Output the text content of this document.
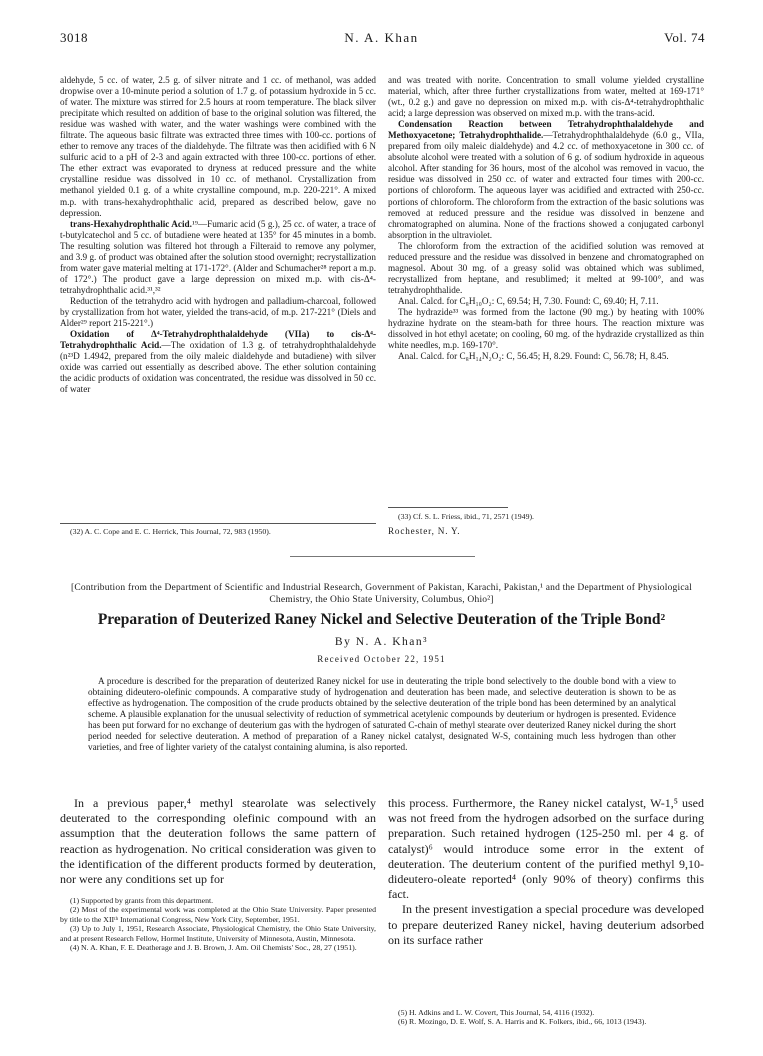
3018	N. A. Khan	Vol. 74

aldehyde, 5 cc. of water, 2.5 g. of silver nitrate and 1 cc. of methanol, was added dropwise over a 10-minute period a solution of 1.7 g. of potassium hydroxide in 5 cc. of water. The mixture was stirred for 2.5 hours at room temperature. The black silver precipitate which resulted on addition of base to the original solution was filtered, the residue was washed with water, and the water washings were combined with the filtrate. The aqueous basic filtrate was extracted three times with 100-cc. portions of ether to remove any traces of the dialdehyde. The filtrate was then acidified with 6 N sulfuric acid to a pH of 2-3 and again extracted with three 100-cc. portions of ether. The ether extract was evaporated to dryness at reduced pressure and the white crystalline residue was dissolved in 10 cc. of methanol. Crystallization from methanol yielded 0.1 g. of a white crystalline compound, m.p. 220-221°. A mixed m.p. with trans-hexahydrophthalic acid, prepared as described below, gave no depression.

trans-Hexahydrophthalic Acid.¹⁹—Fumaric acid (5 g.), 25 cc. of water, a trace of t-butylcatechol and 5 cc. of butadiene were heated at 135° for 45 minutes in a bomb. The resulting solution was filtered hot through a Filteraid to remove any polymer, and 3.9 g. of product was obtained after the solution stood overnight; recrystallization from water gave material melting at 171-172°. (Alder and Schumacher²⁸ report a m.p. of 172°.) The product gave a large depression on mixed m.p. with cis-Δ⁴-tetrahydrophthalic acid.³¹,³²

Reduction of the tetrahydro acid with hydrogen and palladium-charcoal, followed by crystallization from hot water, yielded the trans-acid, of m.p. 217-221° (Diels and Alder²⁹ report 215-221°.)

Oxidation of Δ⁴-Tetrahydrophthalaldehyde (VIIa) to cis-Δ⁴-Tetrahydrophthalic Acid.—The oxidation of 1.3 g. of tetrahydrophthalaldehyde (n²³D 1.4942, prepared from the oily maleic dialdehyde and butadiene) with silver oxide was carried out essentially as described above. The ether solution containing the acidic products of oxidation was concentrated, the residue was dissolved in 50 cc. of water

(32) A. C. Cope and E. C. Herrick, This Journal, 72, 983 (1950).

and was treated with norite. Concentration to small volume yielded crystalline material, which, after three further crystallizations from water, melted at 169-171° (wt., 0.2 g.) and gave no depression on mixed m.p. with cis-Δ⁴-tetrahydrophthalic acid; a large depression was observed on mixed m.p. with the trans-acid.

Condensation Reaction between Tetrahydrophthalaldehyde and Methoxyacetone; Tetrahydrophthalide.—Tetrahydrophthalaldehyde (6.0 g., VIIa, prepared from oily maleic dialdehyde) and 4.2 cc. of methoxyacetone in 300 cc. of absolute alcohol were treated with a solution of 6 g. of sodium hydroxide in aqueous alcohol. After standing for 36 hours, most of the alcohol was removed in vacuo, the residue was dissolved in 250 cc. of water and extracted four times with 200-cc. portions of chloroform. The aqueous layer was acidified and extracted with 250-cc. portions of chloroform. The chloroform from the extraction of the basic solutions was removed at reduced pressure and the residue was dissolved in benzene and chromatographed on alumina. None of the fractions showed a conjugated carbonyl absorption in the ultraviolet.

The chloroform from the extraction of the acidified solution was removed at reduced pressure and the residue was dissolved in benzene and chromatographed on magnesol. About 30 mg. of a greasy solid was obtained which was sublimed, recrystallized from heptane, and resublimed; it melted at 99-100°, and was tetrahydrophthalide.

Anal. Calcd. for C₈H₁₀O₂: C, 69.54; H, 7.30. Found: C, 69.40; H, 7.11.

The hydrazide³³ was formed from the lactone (90 mg.) by heating with 100% hydrazine hydrate on the steam-bath for three hours. The reaction mixture was dissolved in hot ethyl acetate; on cooling, 60 mg. of the hydrazide crystallized as thin white needles, m.p. 169-170°.

Anal. Calcd. for C₈H₁₄N₂O₂: C, 56.45; H, 8.29. Found: C, 56.78; H, 8.45.

(33) Cf. S. L. Friess, ibid., 71, 2571 (1949).

Rochester, N. Y.

[Contribution from the Department of Scientific and Industrial Research, Government of Pakistan, Karachi, Pakistan,¹ and the Department of Physiological Chemistry, the Ohio State University, Columbus, Ohio²]
Preparation of Deuterized Raney Nickel and Selective Deuteration of the Triple Bond²
By N. A. Khan³
Received October 22, 1951
A procedure is described for the preparation of deuterized Raney nickel for use in deuterating the triple bond selectively to the double bond with a view to obtaining dideutero-olefinic compounds. A comparative study of hydrogenation and deuteration has been made, and selective deuteration is shown to be as effective as hydrogenation. The composition of the crude products obtained by the selective deuteration of the triple bond has been determined by an analytical scheme. A plausible explanation for the unusual selectivity of reduction of symmetrical acetylenic compounds by deuterium or hydrogen is presented. Evidence has been put forward for no exchange of deuterium gas with the hydrogen of saturated C-chain of methyl stearate over deuterized Raney nickel during the short period needed for selective deuteration. A method of preparation of a Raney nickel catalyst, designated W-S, containing much less hydrogen than other varieties, and free of lighter variety of the catalyst containing alumina, is also reported.

In a previous paper,⁴ methyl stearolate was selectively deuterated to the corresponding olefinic compound with an assumption that the deuteration follows the same pattern of reaction as hydrogenation. No critical consideration was given to the identification of the different products formed by deuteration, nor were any conditions set up for

(1) Supported by grants from this department.

(2) Most of the experimental work was completed at the Ohio State University. Paper presented by title to the XIIᵗʰ International Congress, New York City, September, 1951.

(3) Up to July 1, 1951, Research Associate, Physiological Chemistry, the Ohio State University, and at present Research Fellow, Hormel Institute, University of Minnesota, Austin, Minnesota.

(4) N. A. Khan, F. E. Deatherage and J. B. Brown, J. Am. Oil Chemists' Soc., 28, 27 (1951).

this process. Furthermore, the Raney nickel catalyst, W-1,⁵ used was not freed from the hydrogen adsorbed on the surface during preparation. Such retained hydrogen (125-250 ml. per 4 g. of catalyst)⁶ would introduce some error in the extent of deuteration. The deuterium content of the purified methyl 9,10-dideutero-oleate reported⁴ (only 90% of theory) confirms this fact.

In the present investigation a special procedure was developed to prepare deuterized Raney nickel, having deuterium adsorbed on its surface rather

(5) H. Adkins and L. W. Covert, This Journal, 54, 4116 (1932).

(6) R. Mozingo, D. E. Wolf, S. A. Harris and K. Folkers, ibid., 66, 1013 (1943).
